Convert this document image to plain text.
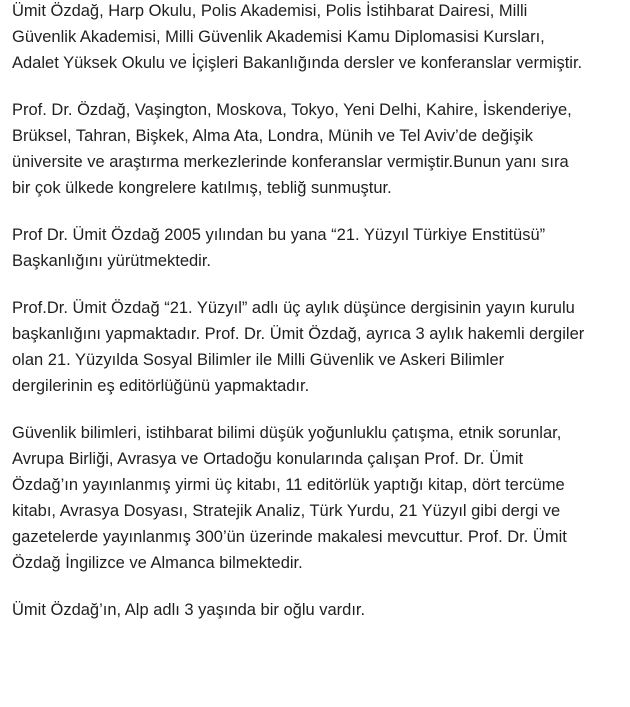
Ümit Özdağ, Harp Okulu, Polis Akademisi, Polis İstihbarat Dairesi, Milli
Güvenlik Akademisi, Milli Güvenlik Akademisi Kamu Diplomasisi Kursları,
Adalet Yüksek Okulu ve İçişleri Bakanlığında dersler ve konferanslar vermiştir.

Prof. Dr. Özdağ, Vaşington, Moskova, Tokyo, Yeni Delhi, Kahire, İskenderiye,
Brüksel, Tahran, Bişkek, Alma Ata, Londra, Münih ve Tel Aviv’de değişik
üniversite ve araştırma merkezlerinde konferanslar vermiştir.Bunun yanı sıra
bir çok ülkede kongrelere katılmış, tebliğ sunmuştur.

Prof Dr. Ümit Özdağ 2005 yılından bu yana “21. Yüzyıl Türkiye Enstitüsü”
Başkanlığını yürütmektedir.

Prof.Dr. Ümit Özdağ “21. Yüzyıl” adlı üç aylık düşünce dergisinin yayın kurulu
başkanlığını yapmaktadır. Prof. Dr. Ümit Özdağ, ayrıca 3 aylık hakemli dergiler
olan 21. Yüzyılda Sosyal Bilimler ile Milli Güvenlik ve Askeri Bilimler
dergilerinin eş editörlüğünü yapmaktadır.

Güvenlik bilimleri, istihbarat bilimi düşük yoğunluklu çatışma, etnik sorunlar,
Avrupa Birliği, Avrasya ve Ortadoğu konularında çalışan Prof. Dr. Ümit
Özdağ’ın yayınlanmış yirmi üç kitabı, 11 editörlük yaptığı kitap, dört tercüme
kitabı, Avrasya Dosyası, Stratejik Analiz, Türk Yurdu, 21 Yüzyıl gibi dergi ve
gazetelerde yayınlanmış 300’ün üzerinde makalesi mevcuttur. Prof. Dr. Ümit
Özdağ İngilizce ve Almanca bilmektedir.

Ümit Özdağ’ın, Alp adlı 3 yaşında bir oğlu vardır.
